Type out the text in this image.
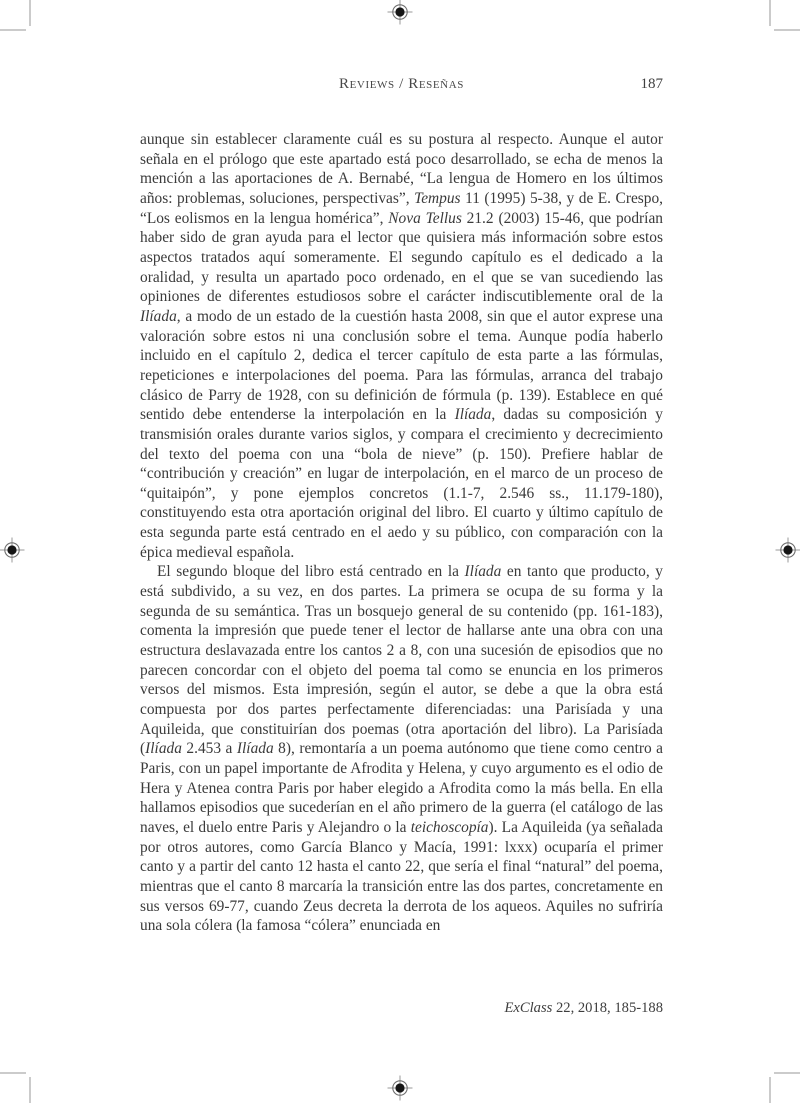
Reviews / Reseñas	187

aunque sin establecer claramente cuál es su postura al respecto. Aunque el autor señala en el prólogo que este apartado está poco desarrollado, se echa de menos la mención a las aportaciones de A. Bernabé, “La lengua de Homero en los últimos años: problemas, soluciones, perspectivas”, Tempus 11 (1995) 5-38, y de E. Crespo, “Los eolismos en la lengua homérica”, Nova Tellus 21.2 (2003) 15-46, que podrían haber sido de gran ayuda para el lector que quisiera más información sobre estos aspectos tratados aquí someramente. El segundo capítulo es el dedicado a la oralidad, y resulta un apartado poco ordenado, en el que se van sucediendo las opiniones de diferentes estudiosos sobre el carácter indiscutiblemente oral de la Ilíada, a modo de un estado de la cuestión hasta 2008, sin que el autor exprese una valoración sobre estos ni una conclusión sobre el tema. Aunque podía haberlo incluido en el capítulo 2, dedica el tercer capítulo de esta parte a las fórmulas, repeticiones e interpolaciones del poema. Para las fórmulas, arranca del trabajo clásico de Parry de 1928, con su definición de fórmula (p. 139). Establece en qué sentido debe entenderse la interpolación en la Ilíada, dadas su composición y transmisión orales durante varios siglos, y compara el crecimiento y decrecimiento del texto del poema con una “bola de nieve” (p. 150). Prefiere hablar de “contribución y creación” en lugar de interpolación, en el marco de un proceso de “quitaipón”, y pone ejemplos concretos (1.1-7, 2.546 ss., 11.179-180), constituyendo esta otra aportación original del libro. El cuarto y último capítulo de esta segunda parte está centrado en el aedo y su público, con comparación con la épica medieval española.

El segundo bloque del libro está centrado en la Ilíada en tanto que producto, y está subdivido, a su vez, en dos partes. La primera se ocupa de su forma y la segunda de su semántica. Tras un bosquejo general de su contenido (pp. 161-183), comenta la impresión que puede tener el lector de hallarse ante una obra con una estructura deslavazada entre los cantos 2 a 8, con una sucesión de episodios que no parecen concordar con el objeto del poema tal como se enuncia en los primeros versos del mismos. Esta impresión, según el autor, se debe a que la obra está compuesta por dos partes perfectamente diferenciadas: una Parisíada y una Aquileida, que constituirían dos poemas (otra aportación del libro). La Parisíada (Ilíada 2.453 a Ilíada 8), remontaría a un poema autónomo que tiene como centro a Paris, con un papel importante de Afrodita y Helena, y cuyo argumento es el odio de Hera y Atenea contra Paris por haber elegido a Afrodita como la más bella. En ella hallamos episodios que sucederían en el año primero de la guerra (el catálogo de las naves, el duelo entre Paris y Alejandro o la teichoscopía). La Aquileida (ya señalada por otros autores, como García Blanco y Macía, 1991: lxxx) ocuparía el primer canto y a partir del canto 12 hasta el canto 22, que sería el final “natural” del poema, mientras que el canto 8 marcaría la transición entre las dos partes, concretamente en sus versos 69-77, cuando Zeus decreta la derrota de los aqueos. Aquiles no sufriría una sola cólera (la famosa “cólera” enunciada en

ExClass 22, 2018, 185-188
